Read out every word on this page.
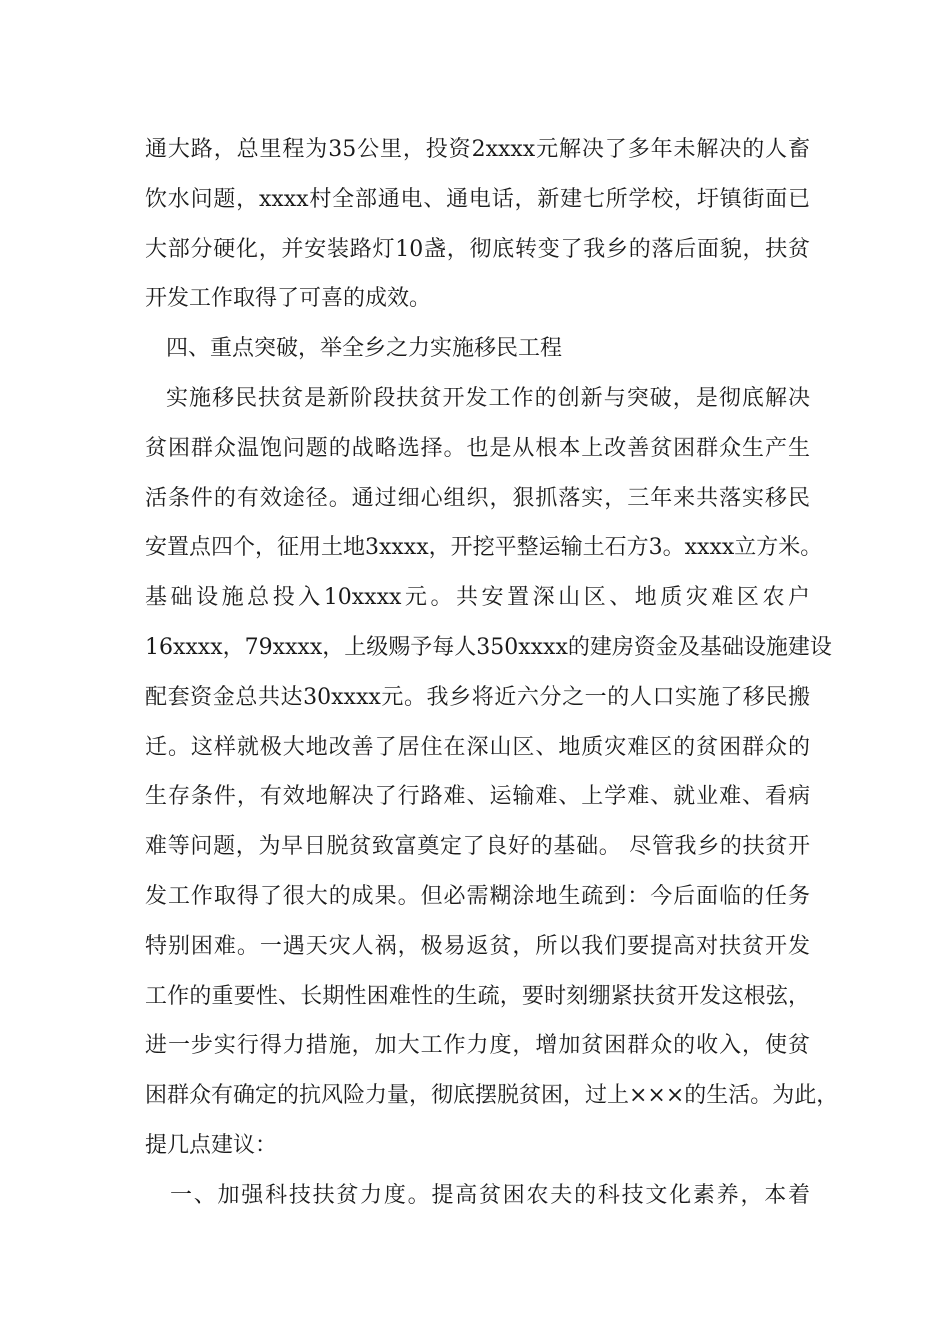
通大路，总里程为35公里，投资2xxxx元解决了多年未解决的人畜
饮水问题，xxxx村全部通电、通电话，新建七所学校，圩镇街面已
大部分硬化，并安装路灯10盏，彻底转变了我乡的落后面貌，扶贫
开发工作取得了可喜的成效。
四、重点突破，举全乡之力实施移民工程
实施移民扶贫是新阶段扶贫开发工作的创新与突破，是彻底解决
贫困群众温饱问题的战略选择。也是从根本上改善贫困群众生产生
活条件的有效途径。通过细心组织，狠抓落实，三年来共落实移民
安置点四个，征用土地3xxxx，开挖平整运输土石方3。xxxx立方米。
基础设施总投入10xxxx元。共安置深山区、地质灾难区农户
16xxxx，79xxxx，上级赐予每人350xxxx的建房资金及基础设施建设
配套资金总共达30xxxx元。我乡将近六分之一的人口实施了移民搬
迁。这样就极大地改善了居住在深山区、地质灾难区的贫困群众的
生存条件，有效地解决了行路难、运输难、上学难、就业难、看病
难等问题，为早日脱贫致富奠定了良好的基础。 尽管我乡的扶贫开
发工作取得了很大的成果。但必需糊涂地生疏到：今后面临的任务
特别困难。一遇天灾人祸，极易返贫，所以我们要提高对扶贫开发
工作的重要性、长期性困难性的生疏，要时刻绷紧扶贫开发这根弦，
进一步实行得力措施，加大工作力度，增加贫困群众的收入，使贫
困群众有确定的抗风险力量，彻底摆脱贫困，过上×××的生活。为此，
提几点建议：
一、加强科技扶贫力度。提高贫困农夫的科技文化素养，本着
